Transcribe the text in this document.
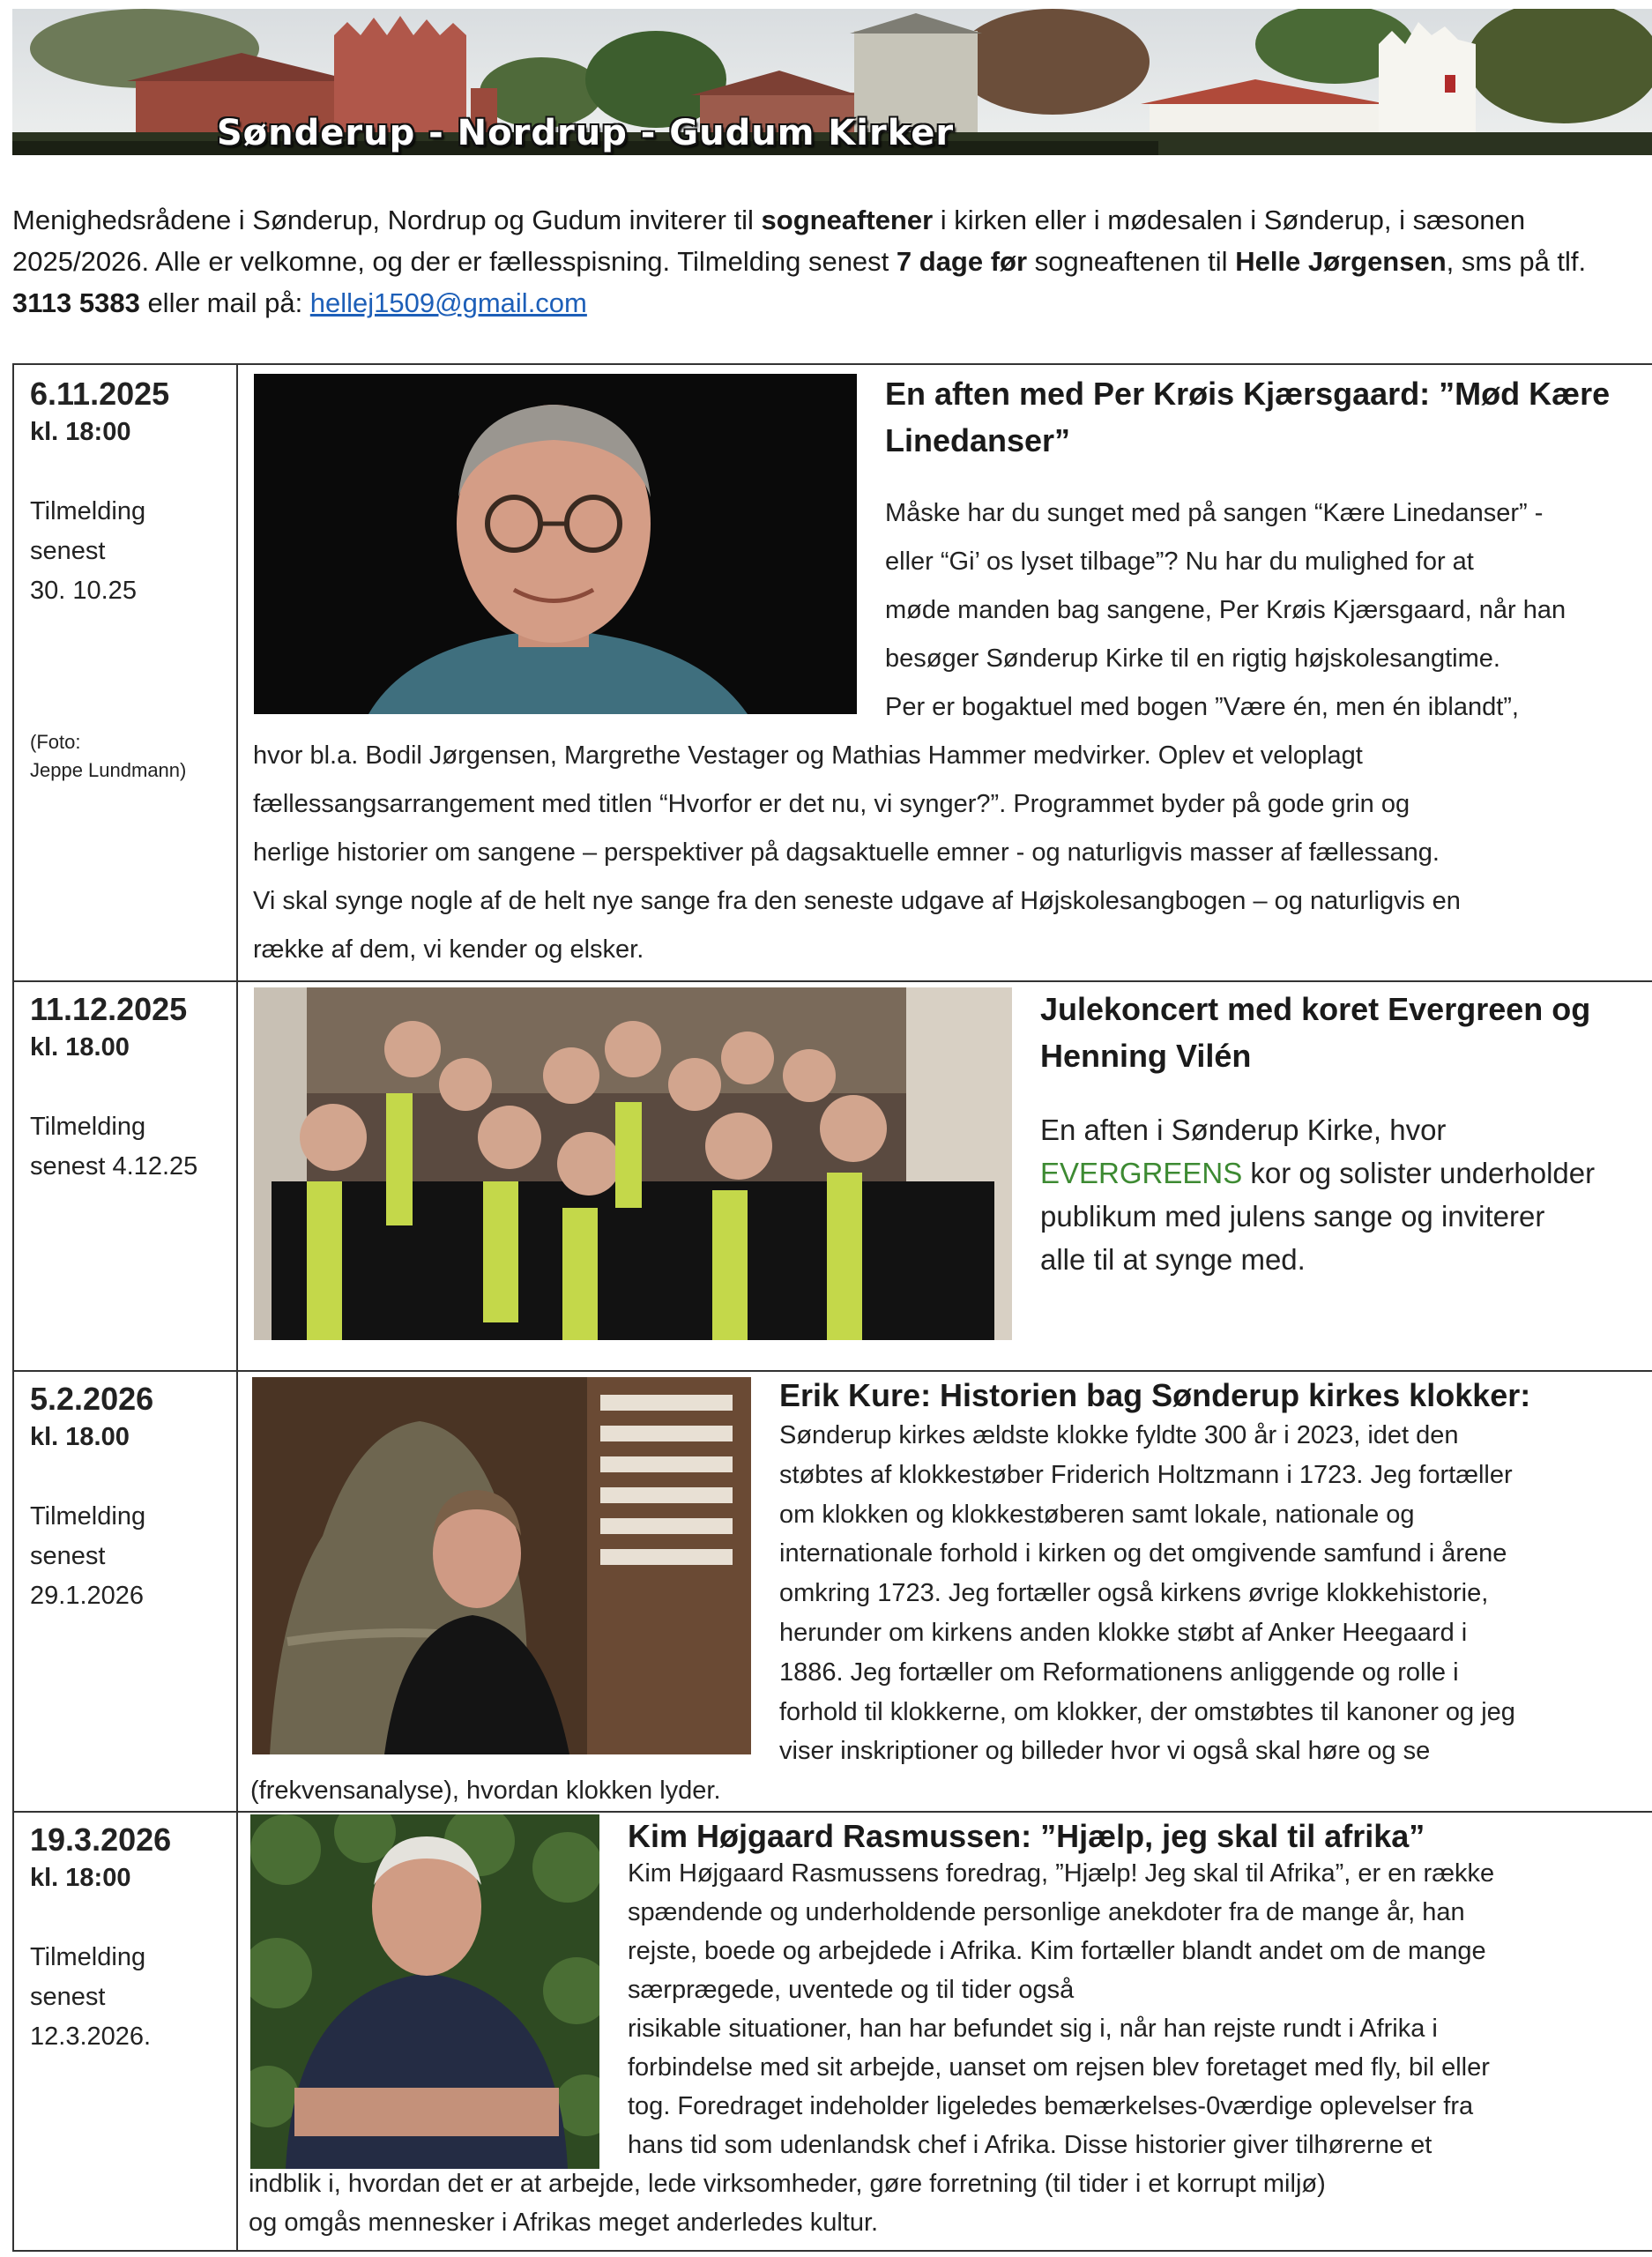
Sønderup - Nordrup - Gudum Kirker
Menighedsrådene i Sønderup, Nordrup og Gudum inviterer til sogneaftener i kirken eller i mødesalen i Sønderup, i sæsonen 2025/2026. Alle er velkomne, og der er fællesspisning. Tilmelding senest 7 dage før sogneaftenen til Helle Jørgensen, sms på tlf. 3113 5383 eller mail på: hellej1509@gmail.com
6.11.2025
kl. 18:00
Tilmelding
senest
30. 10.25
(Foto:
Jeppe Lundmann)
En aften med Per Krøis Kjærsgaard: ”Mød Kære
Linedanser”
Måske har du sunget med på sangen “Kære Linedanser” -
eller “Gi’ os lyset tilbage”? Nu har du mulighed for at
møde manden bag sangene, Per Krøis Kjærsgaard, når han
besøger Sønderup Kirke til en rigtig højskolesangtime.
Per er bogaktuel med bogen ”Være én, men én iblandt”,
hvor bl.a. Bodil Jørgensen, Margrethe Vestager og Mathias Hammer medvirker. Oplev et veloplagt
fællessangsarrangement med titlen “Hvorfor er det nu, vi synger?”. Programmet byder på gode grin og
herlige historier om sangene – perspektiver på dagsaktuelle emner - og naturligvis masser af fællessang.
Vi skal synge nogle af de helt nye sange fra den seneste udgave af Højskolesangbogen – og naturligvis en
række af dem, vi kender og elsker.
11.12.2025
kl. 18.00
Tilmelding
senest 4.12.25
Julekoncert med koret Evergreen og
Henning Vilén
En aften i Sønderup Kirke, hvor
EVERGREENS kor og solister underholder
publikum med julens sange og inviterer
alle til at synge med.
5.2.2026
kl. 18.00
Tilmelding
senest
29.1.2026
Erik Kure: Historien bag Sønderup kirkes klokker:
Sønderup kirkes ældste klokke fyldte 300 år i 2023, idet den
støbtes af klokkestøber Friderich Holtzmann i 1723. Jeg fortæller
om klokken og klokkestøberen samt lokale, nationale og
internationale forhold i kirken og det omgivende samfund i årene
omkring 1723. Jeg fortæller også kirkens øvrige klokkehistorie,
herunder om kirkens anden klokke støbt af Anker Heegaard i
1886. Jeg fortæller om Reformationens anliggende og rolle i
forhold til klokkerne, om klokker, der omstøbtes til kanoner og jeg
viser inskriptioner og billeder hvor vi også skal høre og se
(frekvensanalyse), hvordan klokken lyder.
19.3.2026
kl. 18:00
Tilmelding
senest
12.3.2026.
Kim Højgaard Rasmussen: ”Hjælp, jeg skal til afrika”
Kim Højgaard Rasmussens foredrag, ”Hjælp! Jeg skal til Afrika”, er en række
spændende og underholdende personlige anekdoter fra de mange år, han
rejste, boede og arbejdede i Afrika. Kim fortæller blandt andet om de mange
særprægede, uventede og til tider også
risikable situationer, han har befundet sig i, når han rejste rundt i Afrika i
forbindelse med sit arbejde, uanset om rejsen blev foretaget med fly, bil eller
tog. Foredraget indeholder ligeledes bemærkelses-0værdige oplevelser fra
hans tid som udenlandsk chef i Afrika. Disse historier giver tilhørerne et
indblik i, hvordan det er at arbejde, lede virksomheder, gøre forretning (til tider i et korrupt miljø)
og omgås mennesker i Afrikas meget anderledes kultur.
